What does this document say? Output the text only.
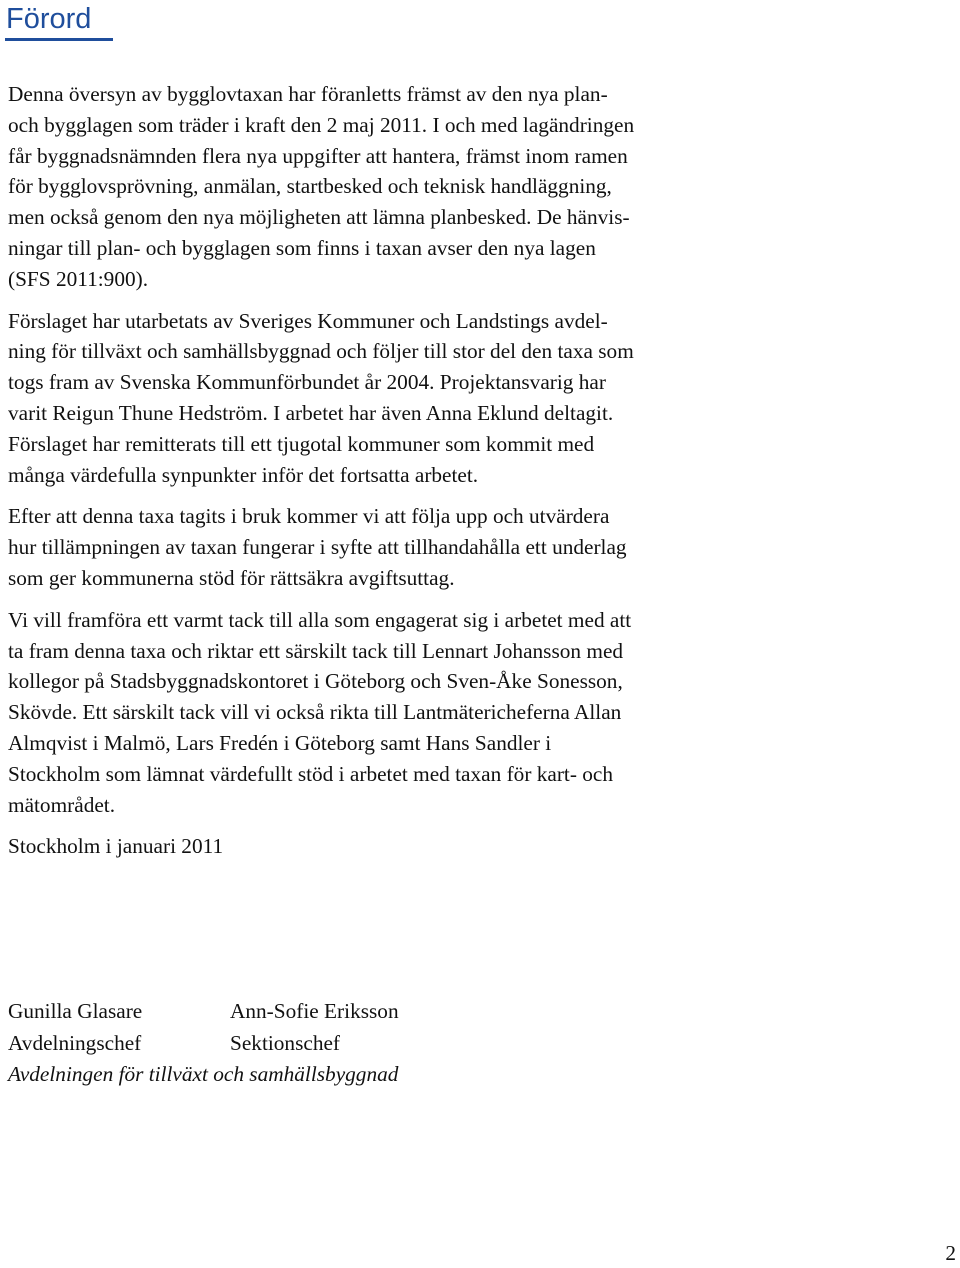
Förord

Denna översyn av bygglovtaxan har föranletts främst av den nya plan-
och bygglagen som träder i kraft den 2 maj 2011. I och med lagändringen
får byggnadsnämnden flera nya uppgifter att hantera, främst inom ramen
för bygglovsprövning, anmälan, startbesked och teknisk handläggning,
men också genom den nya möjligheten att lämna planbesked. De hänvis-
ningar till plan- och bygglagen som finns i taxan avser den nya lagen
(SFS 2011:900).

Förslaget har utarbetats av Sveriges Kommuner och Landstings avdel-
ning för tillväxt och samhällsbyggnad och följer till stor del den taxa som
togs fram av Svenska Kommunförbundet år 2004. Projektansvarig har
varit Reigun Thune Hedström. I arbetet har även Anna Eklund deltagit.
Förslaget har remitterats till ett tjugotal kommuner som kommit med
många värdefulla synpunkter inför det fortsatta arbetet.

Efter att denna taxa tagits i bruk kommer vi att följa upp och utvärdera
hur tillämpningen av taxan fungerar i syfte att tillhandahålla ett underlag
som ger kommunerna stöd för rättsäkra avgiftsuttag.

Vi vill framföra ett varmt tack till alla som engagerat sig i arbetet med att
ta fram denna taxa och riktar ett särskilt tack till Lennart Johansson med
kollegor på Stadsbyggnadskontoret i Göteborg och Sven-Åke Sonesson,
Skövde. Ett särskilt tack vill vi också rikta till Lantmätericheferna Allan
Almqvist i Malmö, Lars Fredén i Göteborg samt Hans Sandler i
Stockholm som lämnat värdefullt stöd i arbetet med taxan för kart- och
mätområdet.

Stockholm i januari 2011

Gunilla Glasare	Ann-Sofie Eriksson
Avdelningschef	Sektionschef
Avdelningen för tillväxt och samhällsbyggnad
2
